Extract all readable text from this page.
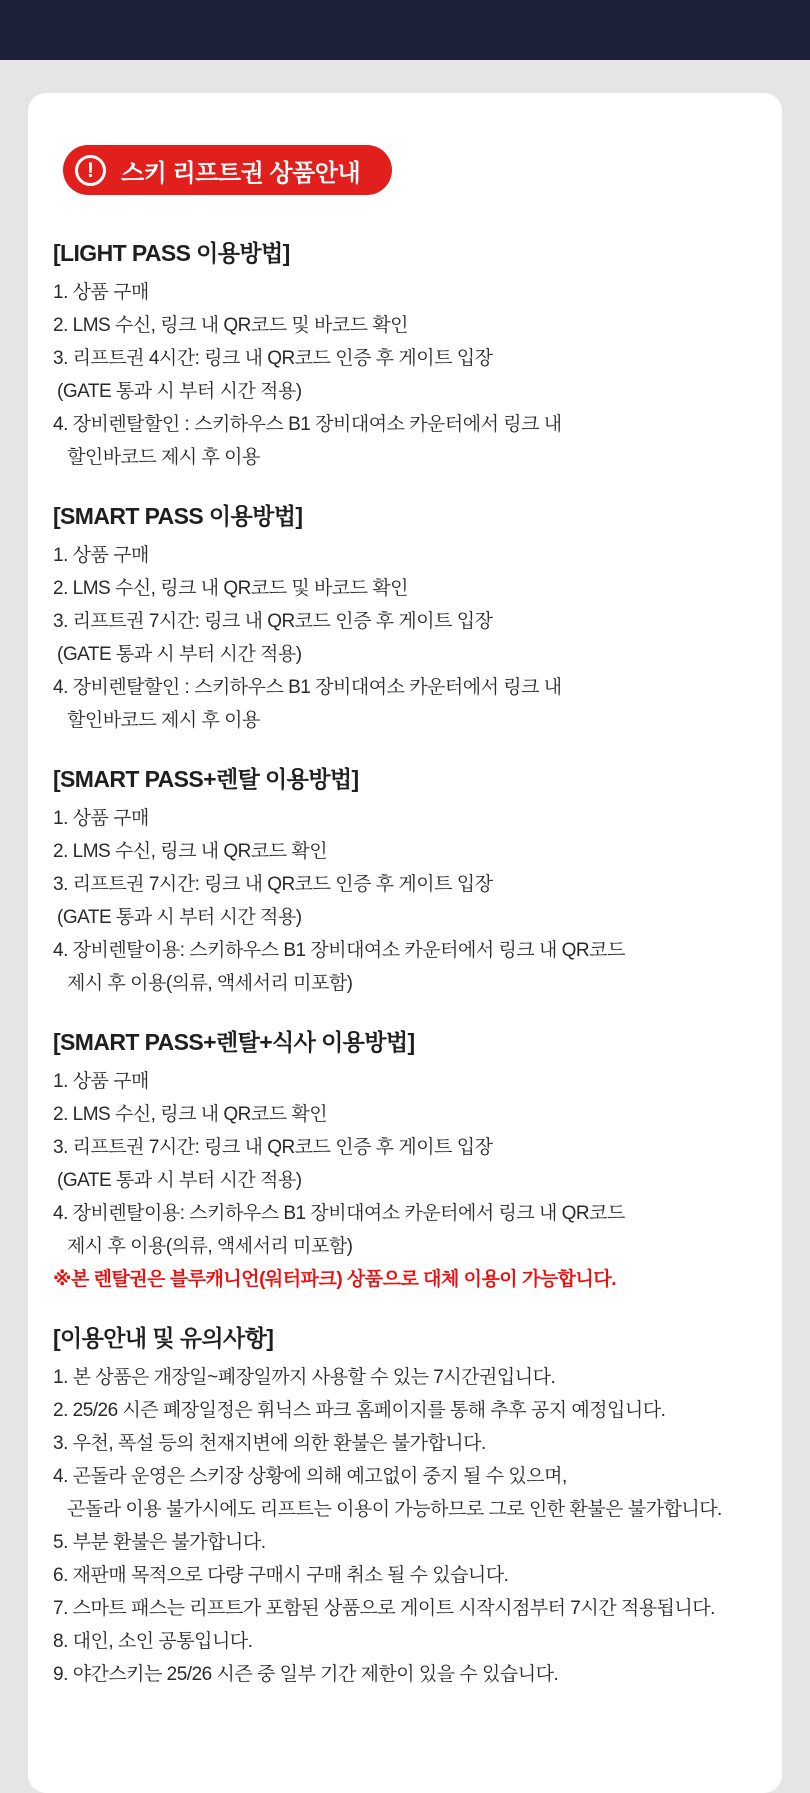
!	스키 리프트권 상품안내
[LIGHT PASS 이용방법]

1. 상품 구매

2. LMS 수신, 링크 내 QR코드 및 바코드 확인

3. 리프트권 4시간: 링크 내 QR코드 인증 후 게이트 입장

(GATE 통과 시 부터 시간 적용)

4. 장비렌탈할인 : 스키하우스 B1 장비대여소 카운터에서 링크 내

할인바코드 제시 후 이용

[SMART PASS 이용방법]

1. 상품 구매

2. LMS 수신, 링크 내 QR코드 및 바코드 확인

3. 리프트권 7시간: 링크 내 QR코드 인증 후 게이트 입장

(GATE 통과 시 부터 시간 적용)

4. 장비렌탈할인 : 스키하우스 B1 장비대여소 카운터에서 링크 내

할인바코드 제시 후 이용

[SMART PASS+렌탈 이용방법]

1. 상품 구매

2. LMS 수신, 링크 내 QR코드 확인

3. 리프트권 7시간: 링크 내 QR코드 인증 후 게이트 입장

(GATE 통과 시 부터 시간 적용)

4. 장비렌탈이용: 스키하우스 B1 장비대여소 카운터에서 링크 내 QR코드

제시 후 이용(의류, 액세서리 미포함)

[SMART PASS+렌탈+식사 이용방법]

1. 상품 구매

2. LMS 수신, 링크 내 QR코드 확인

3. 리프트권 7시간: 링크 내 QR코드 인증 후 게이트 입장

(GATE 통과 시 부터 시간 적용)

4. 장비렌탈이용: 스키하우스 B1 장비대여소 카운터에서 링크 내 QR코드

제시 후 이용(의류, 액세서리 미포함)

※본 렌탈권은 블루캐니언(워터파크) 상품으로 대체 이용이 가능합니다.

[이용안내 및 유의사항]

1. 본 상품은 개장일~폐장일까지 사용할 수 있는 7시간권입니다.

2. 25/26 시즌 폐장일정은 휘닉스 파크 홈페이지를 통해 추후 공지 예정입니다.

3. 우천, 폭설 등의 천재지변에 의한 환불은 불가합니다.

4. 곤돌라 운영은 스키장 상황에 의해 예고없이 중지 될 수 있으며,

곤돌라 이용 불가시에도 리프트는 이용이 가능하므로 그로 인한 환불은 불가합니다.

5. 부분 환불은 불가합니다.

6. 재판매 목적으로 다량 구매시 구매 취소 될 수 있습니다.

7. 스마트 패스는 리프트가 포함된 상품으로 게이트 시작시점부터 7시간 적용됩니다.

8. 대인, 소인 공통입니다.

9. 야간스키는 25/26 시즌 중 일부 기간 제한이 있을 수 있습니다.
